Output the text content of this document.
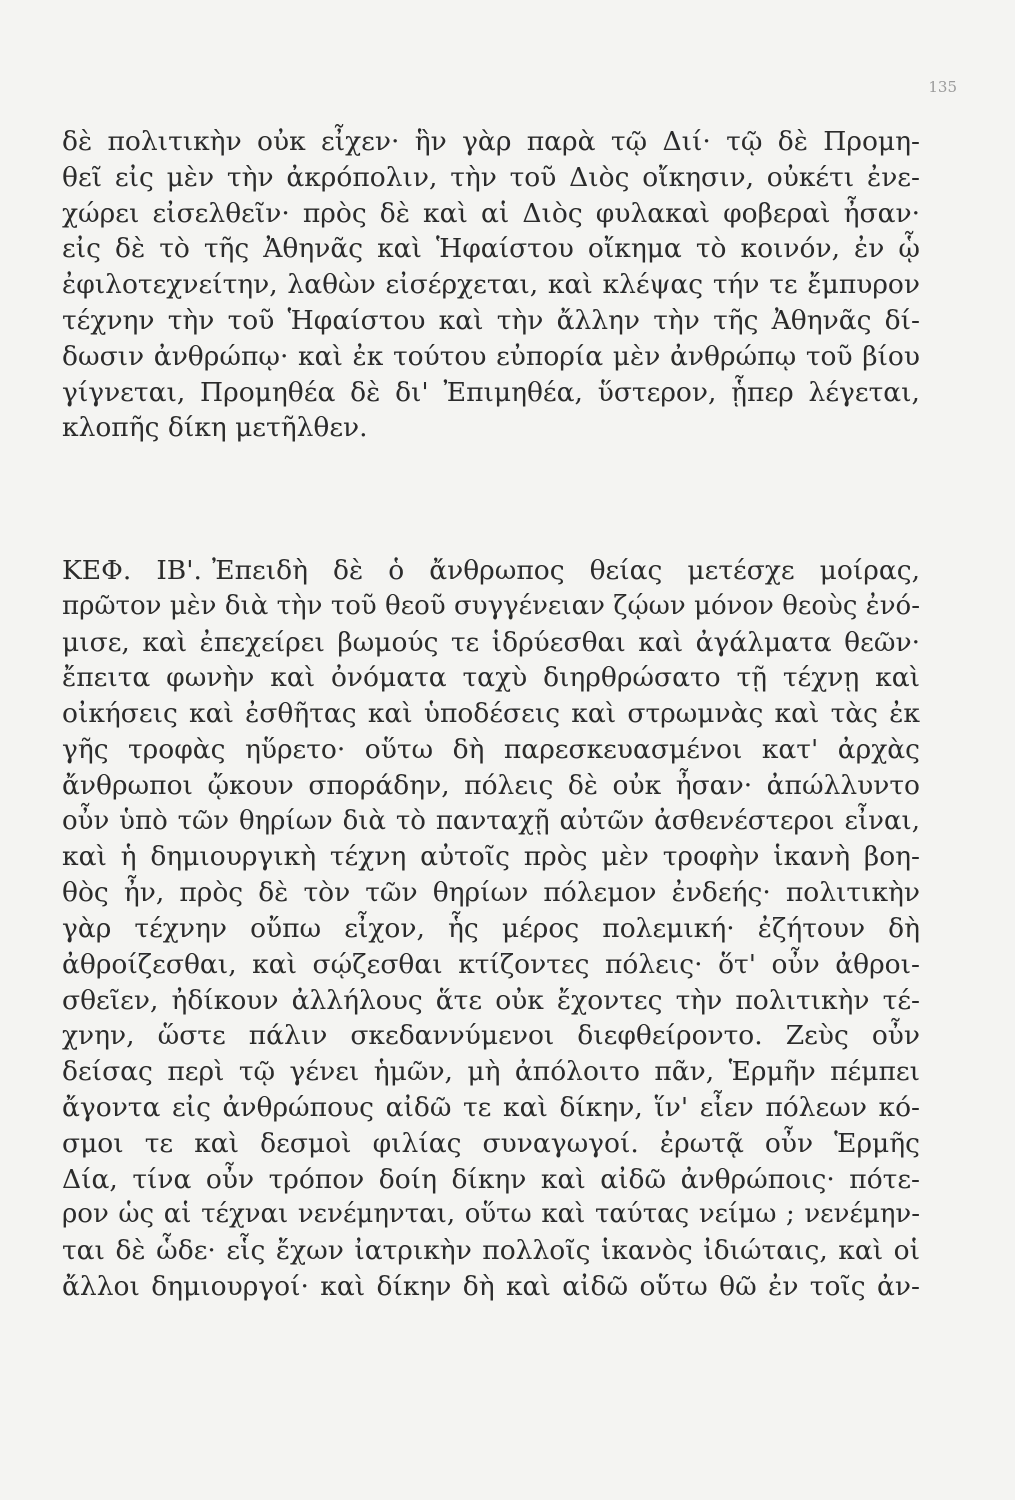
135
δὲ πολιτικὴν οὐκ εἶχεν· ἣν γὰρ παρὰ τῷ Διί· τῷ δὲ Προμη-
θεῖ εἰς μὲν τὴν ἀκρόπολιν, τὴν τοῦ Διὸς οἴκησιν, οὐκέτι ἐνε-
χώρει εἰσελθεῖν· πρὸς δὲ καὶ αἱ Διὸς φυλακαὶ φοβεραὶ ἦσαν·
εἰς δὲ τὸ τῆς Ἀθηνᾶς καὶ Ἡφαίστου οἴκημα τὸ κοινόν, ἐν ᾧ
ἐφιλοτεχνείτην, λαθὼν εἰσέρχεται, καὶ κλέψας τήν τε ἔμπυρον
τέχνην τὴν τοῦ Ἡφαίστου καὶ τὴν ἄλλην τὴν τῆς Ἀθηνᾶς δί-
δωσιν ἀνθρώπῳ· καὶ ἐκ τούτου εὐπορία μὲν ἀνθρώπῳ τοῦ βίου
γίγνεται, Προμηθέα δὲ δι' Ἐπιμηθέα, ὕστερον, ᾗπερ λέγεται,
κλοπῆς δίκη μετῆλθεν.
ΚΕΦ. ΙΒ'. Ἐπειδὴ δὲ ὁ ἄνθρωπος θείας μετέσχε μοίρας,
πρῶτον μὲν διὰ τὴν τοῦ θεοῦ συγγένειαν ζῴων μόνον θεοὺς ἐνό-
μισε, καὶ ἐπεχείρει βωμούς τε ἱδρύεσθαι καὶ ἀγάλματα θεῶν·
ἔπειτα φωνὴν καὶ ὀνόματα ταχὺ διηρθρώσατο τῇ τέχνῃ καὶ
οἰκήσεις καὶ ἐσθῆτας καὶ ὑποδέσεις καὶ στρωμνὰς καὶ τὰς ἐκ
γῆς τροφὰς ηὕρετο· οὕτω δὴ παρεσκευασμένοι κατ' ἀρχὰς
ἄνθρωποι ᾤκουν σποράδην, πόλεις δὲ οὐκ ἦσαν· ἀπώλλυντο
οὖν ὑπὸ τῶν θηρίων διὰ τὸ πανταχῇ αὐτῶν ἀσθενέστεροι εἶναι,
καὶ ἡ δημιουργικὴ τέχνη αὐτοῖς πρὸς μὲν τροφὴν ἱκανὴ βοη-
θὸς ἦν, πρὸς δὲ τὸν τῶν θηρίων πόλεμον ἐνδεής· πολιτικὴν
γὰρ τέχνην οὔπω εἶχον, ἧς μέρος πολεμική· ἐζήτουν δὴ
ἀθροίζεσθαι, καὶ σῴζεσθαι κτίζοντες πόλεις· ὅτ' οὖν ἀθροι-
σθεῖεν, ἠδίκουν ἀλλήλους ἅτε οὐκ ἔχοντες τὴν πολιτικὴν τέ-
χνην, ὥστε πάλιν σκεδαννύμενοι διεφθείροντο. Ζεὺς οὖν
δείσας περὶ τῷ γένει ἡμῶν, μὴ ἀπόλοιτο πᾶν, Ἑρμῆν πέμπει
ἄγοντα εἰς ἀνθρώπους αἰδῶ τε καὶ δίκην, ἵν' εἶεν πόλεων κό-
σμοι τε καὶ δεσμοὶ φιλίας συναγωγοί. ἐρωτᾷ οὖν Ἑρμῆς
Δία, τίνα οὖν τρόπον δοίη δίκην καὶ αἰδῶ ἀνθρώποις· πότε-
ρον ὡς αἱ τέχναι νενέμηνται, οὕτω καὶ ταύτας νείμω ; νενέμην-
ται δὲ ὧδε· εἷς ἔχων ἰατρικὴν πολλοῖς ἱκανὸς ἰδιώταις, καὶ οἱ
ἄλλοι δημιουργοί· καὶ δίκην δὴ καὶ αἰδῶ οὕτω θῶ ἐν τοῖς ἀν-
